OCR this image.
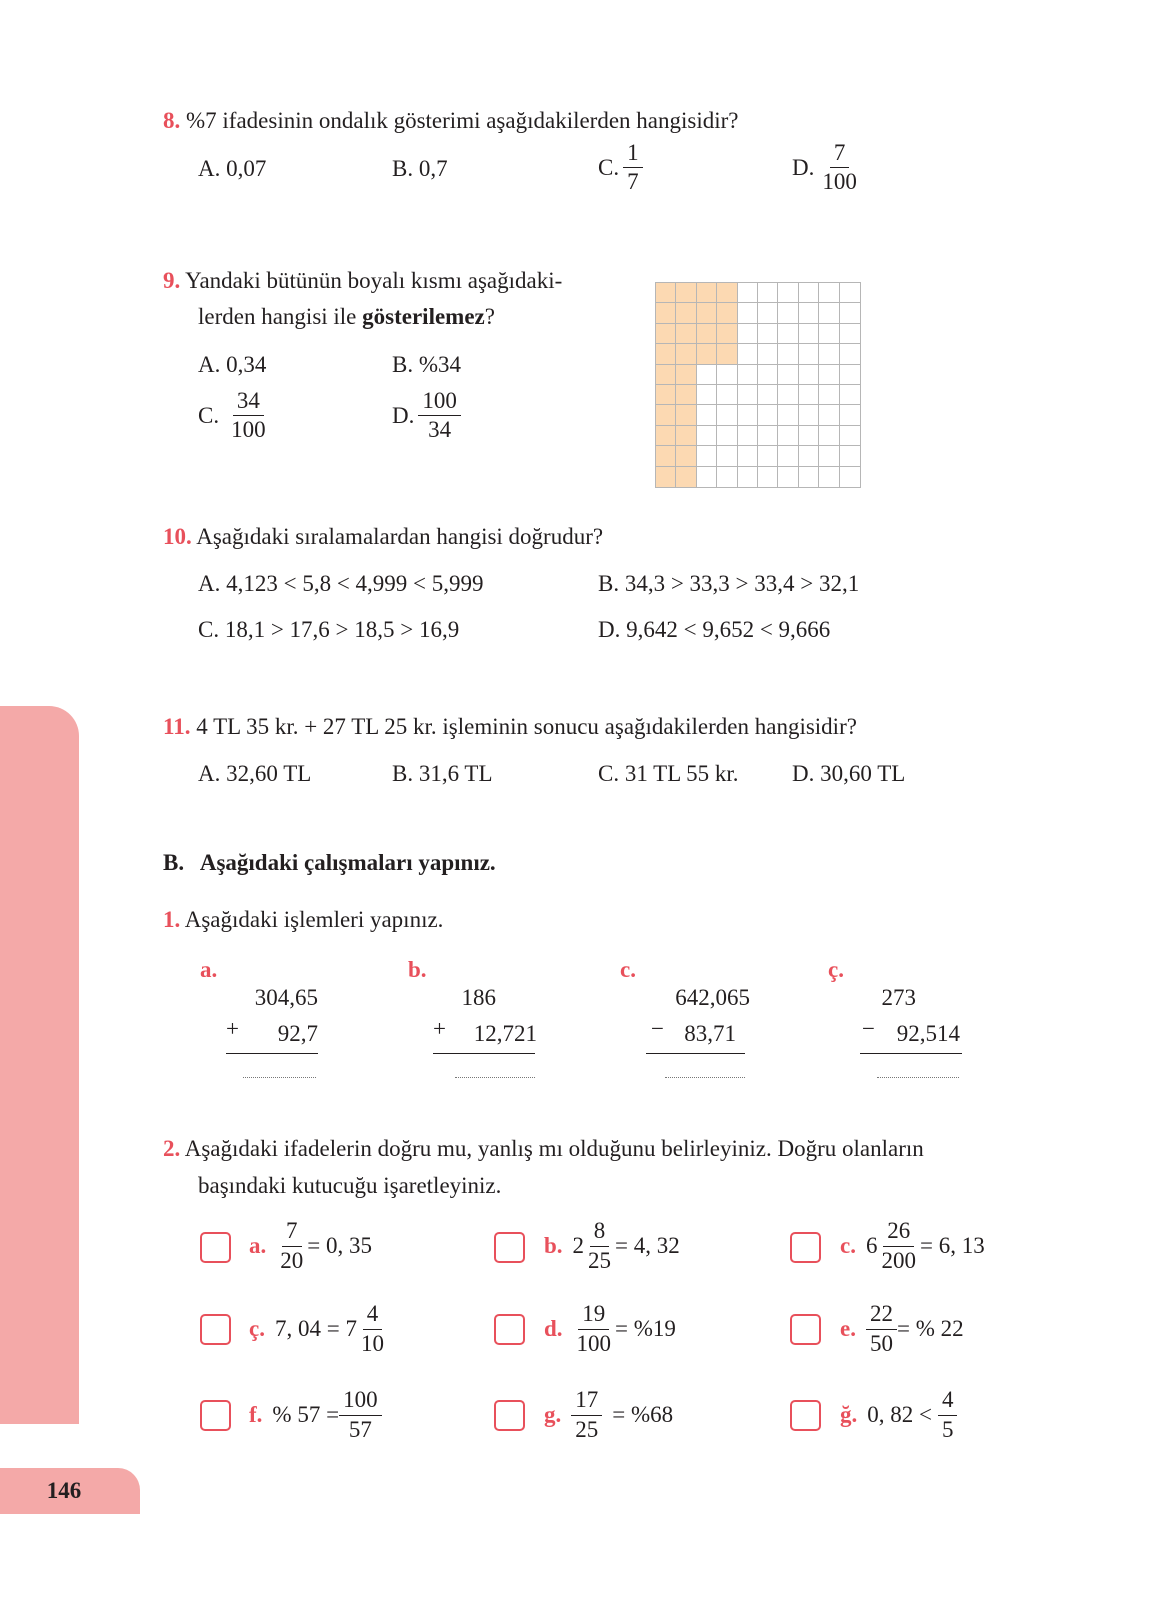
146
8. %7 ifadesinin ondalık gösterimi aşağıdakilerden hangisidir?
A. 0,07	B. 0,7	C. $\frac{1}{7}$	D. $\frac{7}{100}$
9. Yandaki bütünün boyalı kısmı aşağıdaki-
lerden hangisi ile gösterilemez?
A. 0,34	B. %34
C. $\frac{34}{100}$	D. $\frac{100}{34}$
10. Aşağıdaki sıralamalardan hangisi doğrudur?
A. 4,123 < 5,8 < 4,999 < 5,999	B. 34,3 > 33,3 > 33,4 > 32,1
C. 18,1 > 17,6 > 18,5 > 16,9	D. 9,642 < 9,652 < 9,666
11. 4 TL 35 kr. + 27 TL 25 kr. işleminin sonucu aşağıdakilerden hangisidir?
A. 32,60 TL	B. 31,6 TL	C. 31 TL 55 kr. D. 30,60 TL
B. Aşağıdaki çalışmaları yapınız.
1. Aşağıdaki işlemleri yapınız.
a.
304,65
+	92,7
b.
186
+	12,721
c.
642,065
− 83,71
ç.
273
− 92,514
2. Aşağıdaki ifadelerin doğru mu, yanlış mı olduğunu belirleyiniz. Doğru olanların
başındaki kutucuğu işaretleyiniz.
a. $\frac{7}{20} = 0$, 35	b. $2 \frac{8}{25} = 4$, 32	c. $6 \frac{26}{200} = 6$, 13
ç. 7, $04 = 7 \frac{4}{10}$	d. $\frac{19}{100} = \%19$	e. $\frac{22}{50}$ = % 22
f. % $57 = \frac{100}{57}$	g. $\frac{17}{25} = \%68$	ğ. 0, $82 < \frac{4}{5}$
